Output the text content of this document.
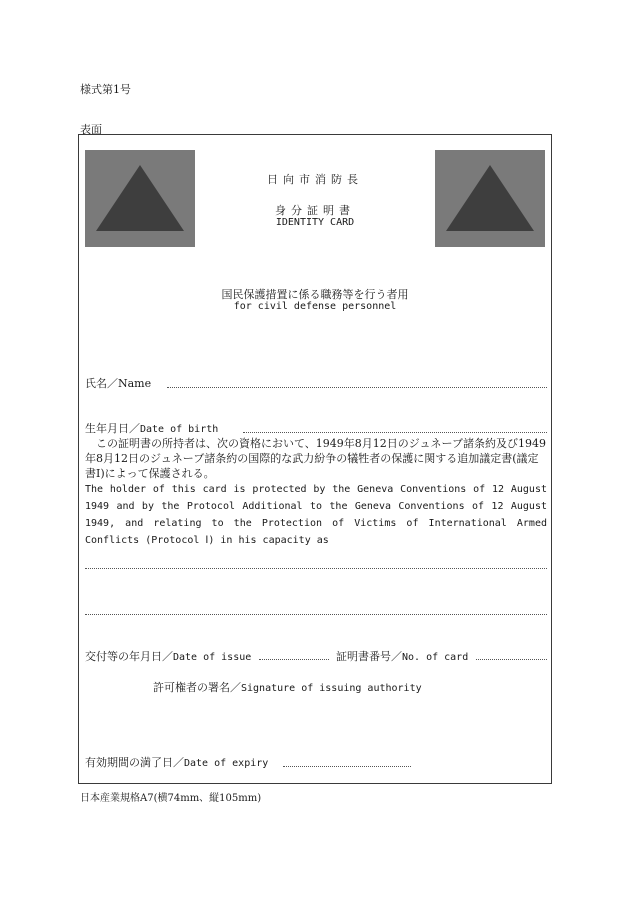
様式第1号
表面
日向市消防長
身分証明書
IDENTITY CARD
国民保護措置に係る職務等を行う者用
for civil defense personnel
氏名／Name
生年月日／Date of birth
この証明書の所持者は、次の資格において、1949年8月12日のジュネーブ諸条約及び1949年8月12日のジュネーブ諸条約の国際的な武力紛争の犠牲者の保護に関する追加議定書(議定書Ⅰ)によって保護される。
The holder of this card is protected by the Geneva Conventions of 12 August 1949 and by the Protocol Additional to the Geneva Conventions of 12 August 1949, and relating to the Protection of Victims of International Armed Conflicts (Protocol Ⅰ) in his capacity as
交付等の年月日／Date of issue	証明書番号／No. of card
許可権者の署名／Signature of issuing authority
有効期間の満了日／Date of expiry
日本産業規格A7(横74mm、縦105mm)
